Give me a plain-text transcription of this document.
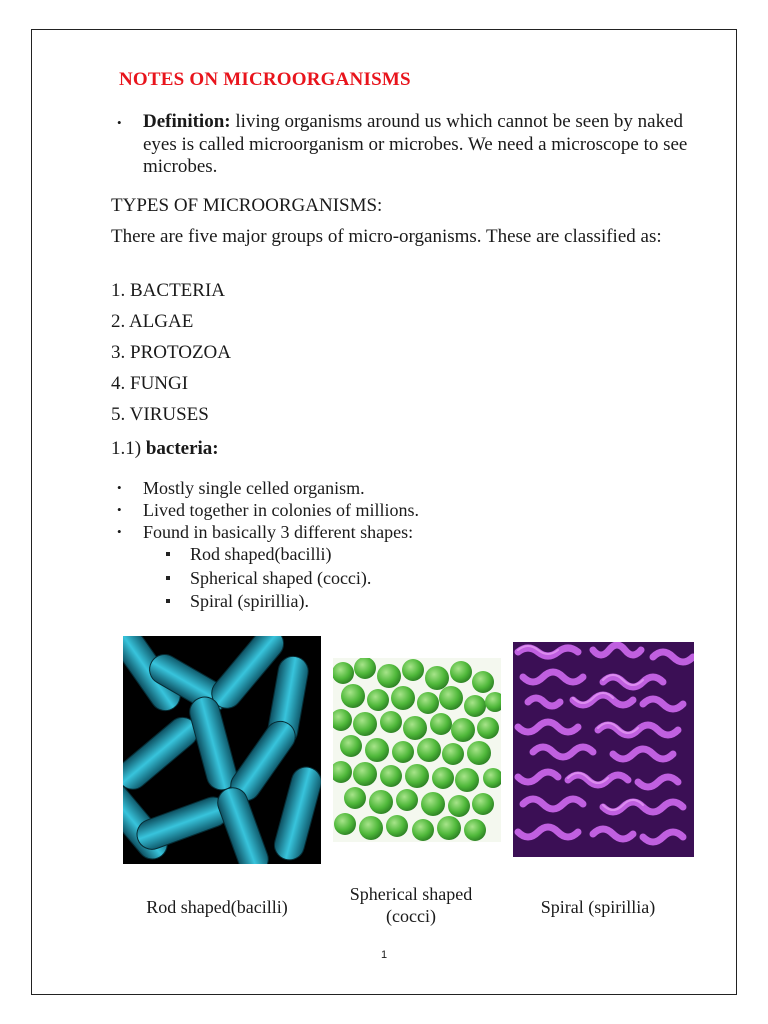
NOTES ON MICROORGANISMS
• Definition: living organisms around us which cannot be seen by naked eyes is called microorganism or microbes. We need a microscope to see microbes.
TYPES OF MICROORGANISMS:
There are five major groups of micro-organisms. These are classified as:
1. BACTERIA
2. ALGAE
3. PROTOZOA
4. FUNGI
5. VIRUSES
1.1) bacteria:
• Mostly single celled organism.
• Lived together in colonies of millions.
• Found in basically 3 different shapes:
Rod shaped(bacilli)
Spherical shaped (cocci).
Spiral (spirillia).
Rod shaped(bacilli)
Spherical shaped (cocci)	Spiral (spirillia)
1
